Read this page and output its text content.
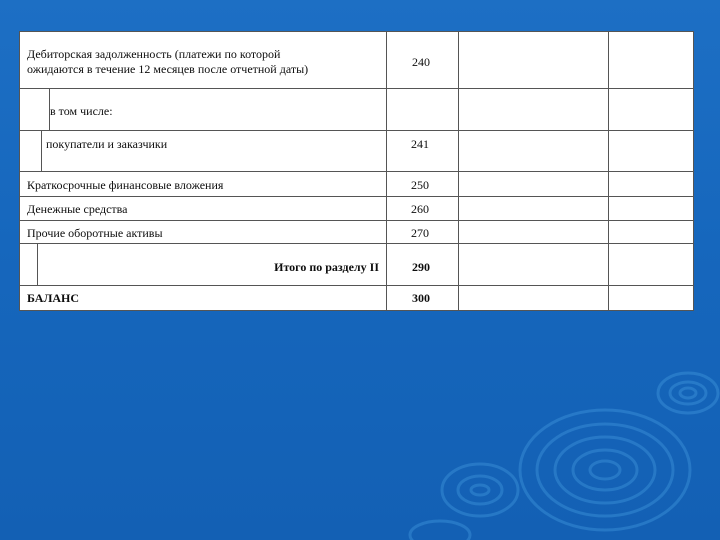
Дебиторская задолженность (платежи по которой
ожидаются в течение 12 месяцев после отчетной даты)	240
в том числе:
покупатели и заказчики	241
Краткосрочные финансовые вложения	250
Денежные средства	260
Прочие оборотные активы	270
Итого по разделу II	290
БАЛАНС	300
